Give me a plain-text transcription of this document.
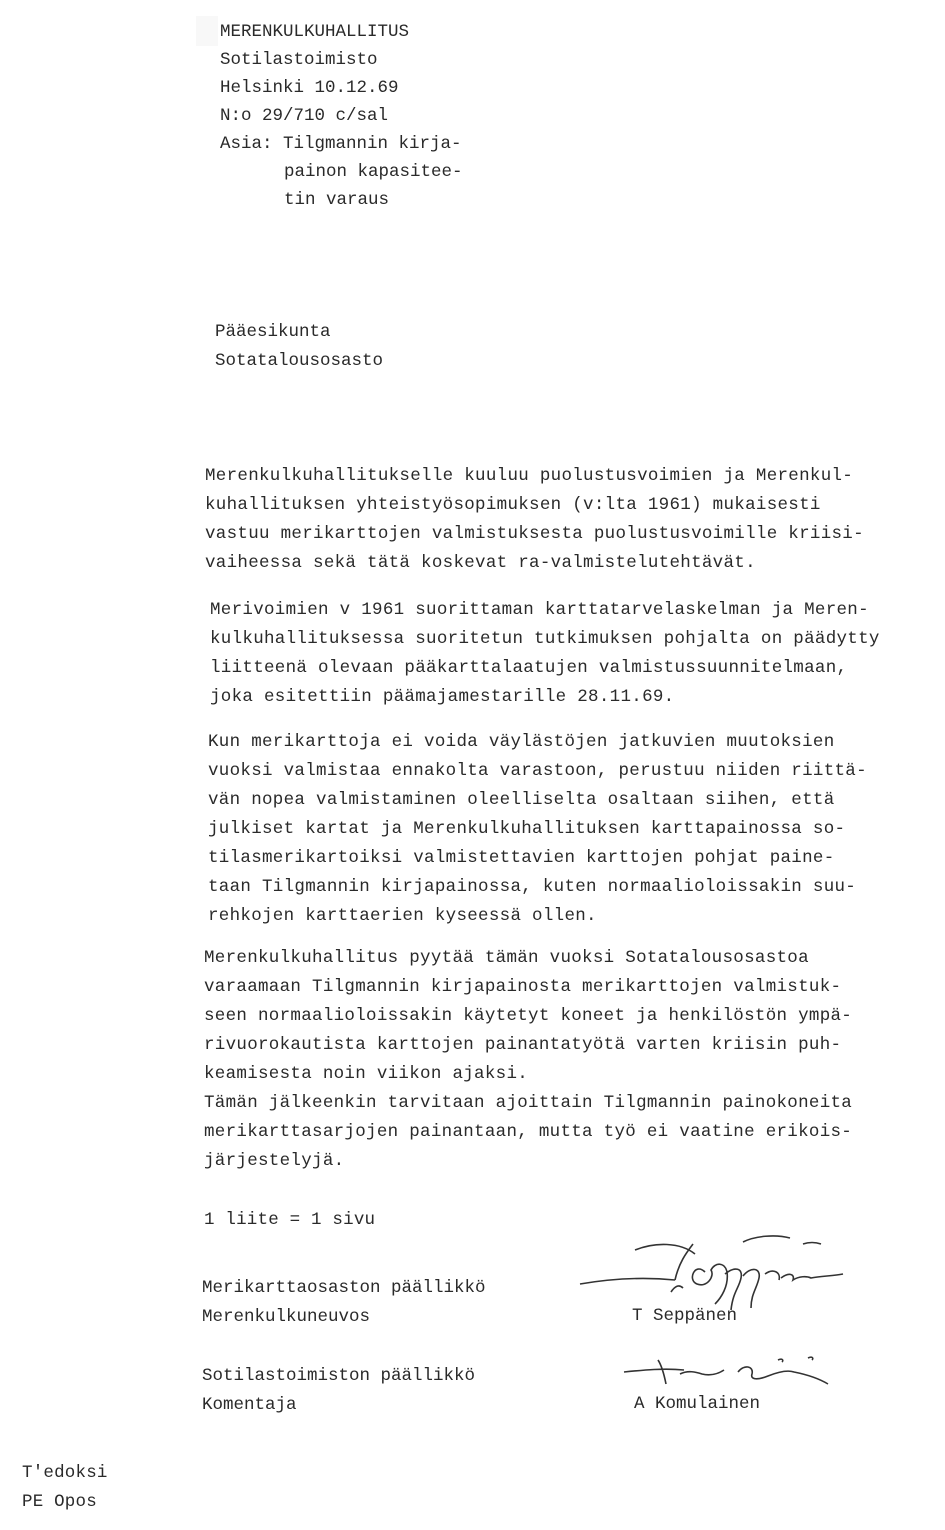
MERENKULKUHALLITUS
Sotilastoimisto
Helsinki 10.12.69
N:o 29/710 c/sal
Asia: Tilgmannin kirja-
painon kapasitee-
tin varaus
Pääesikunta
Sotatalousosasto
Merenkulkuhallitukselle kuuluu puolustusvoimien ja Merenkul-
kuhallituksen yhteistyösopimuksen (v:lta 1961) mukaisesti
vastuu merikarttojen valmistuksesta puolustusvoimille kriisi-
vaiheessa sekä tätä koskevat ra-valmistelutehtävät.
Merivoimien v 1961 suorittaman karttatarvelaskelman ja Meren-
kulkuhallituksessa suoritetun tutkimuksen pohjalta on päädytty
liitteenä olevaan pääkarttalaatujen valmistussuunnitelmaan,
joka esitettiin päämajamestarille 28.11.69.
Kun merikarttoja ei voida väylästöjen jatkuvien muutoksien
vuoksi valmistaa ennakolta varastoon, perustuu niiden riittä-
vän nopea valmistaminen oleelliselta osaltaan siihen, että
julkiset kartat ja Merenkulkuhallituksen karttapainossa so-
tilasmerikartoiksi valmistettavien karttojen pohjat paine-
taan Tilgmannin kirjapainossa, kuten normaalioloissakin suu-
rehkojen karttaerien kyseessä ollen.
Merenkulkuhallitus pyytää tämän vuoksi Sotatalousosastoa
varaamaan Tilgmannin kirjapainosta merikarttojen valmistuk-
seen normaalioloissakin käytetyt koneet ja henkilöstön ympä-
rivuorokautista karttojen painantatyötä varten kriisin puh-
keamisesta noin viikon ajaksi.
Tämän jälkeenkin tarvitaan ajoittain Tilgmannin painokoneita
merikarttasarjojen painantaan, mutta työ ei vaatine erikois-
järjestelyjä.
1 liite = 1 sivu
Merikarttaosaston päällikkö
Merenkulkuneuvos	T Seppänen
Sotilastoimiston päällikkö
Komentaja	A Komulainen
T'edoksi
PE Opos
